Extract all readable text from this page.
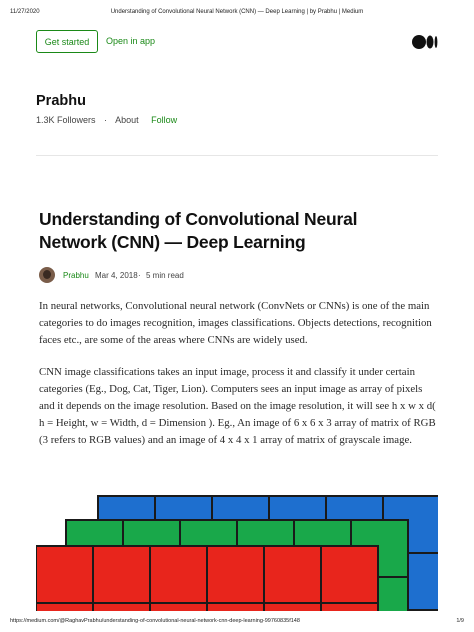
11/27/2020	Understanding of Convolutional Neural Network (CNN) — Deep Learning | by Prabhu | Medium
Get started	Open in app
Prabhu
1.3K Followers · About Follow
Understanding of Convolutional Neural Network (CNN) — Deep Learning
Prabhu Mar 4, 2018 · 5 min read

In neural networks, Convolutional neural network (ConvNets or CNNs) is one of the main categories to do images recognition, images classifications. Objects detections, recognition faces etc., are some of the areas where CNNs are widely used.

CNN image classifications takes an input image, process it and classify it under certain categories (Eg., Dog, Cat, Tiger, Lion). Computers sees an input image as array of pixels and it depends on the image resolution. Based on the image resolution, it will see h x w x d( h = Height, w = Width, d = Dimension ). Eg., An image of 6 x 6 x 3 array of matrix of RGB (3 refers to RGB values) and an image of 4 x 4 x 1 array of matrix of grayscale image.

https://medium.com/@RaghavPrabhu/understanding-of-convolutional-neural-network-cnn-deep-learning-99760835f148	1/9
